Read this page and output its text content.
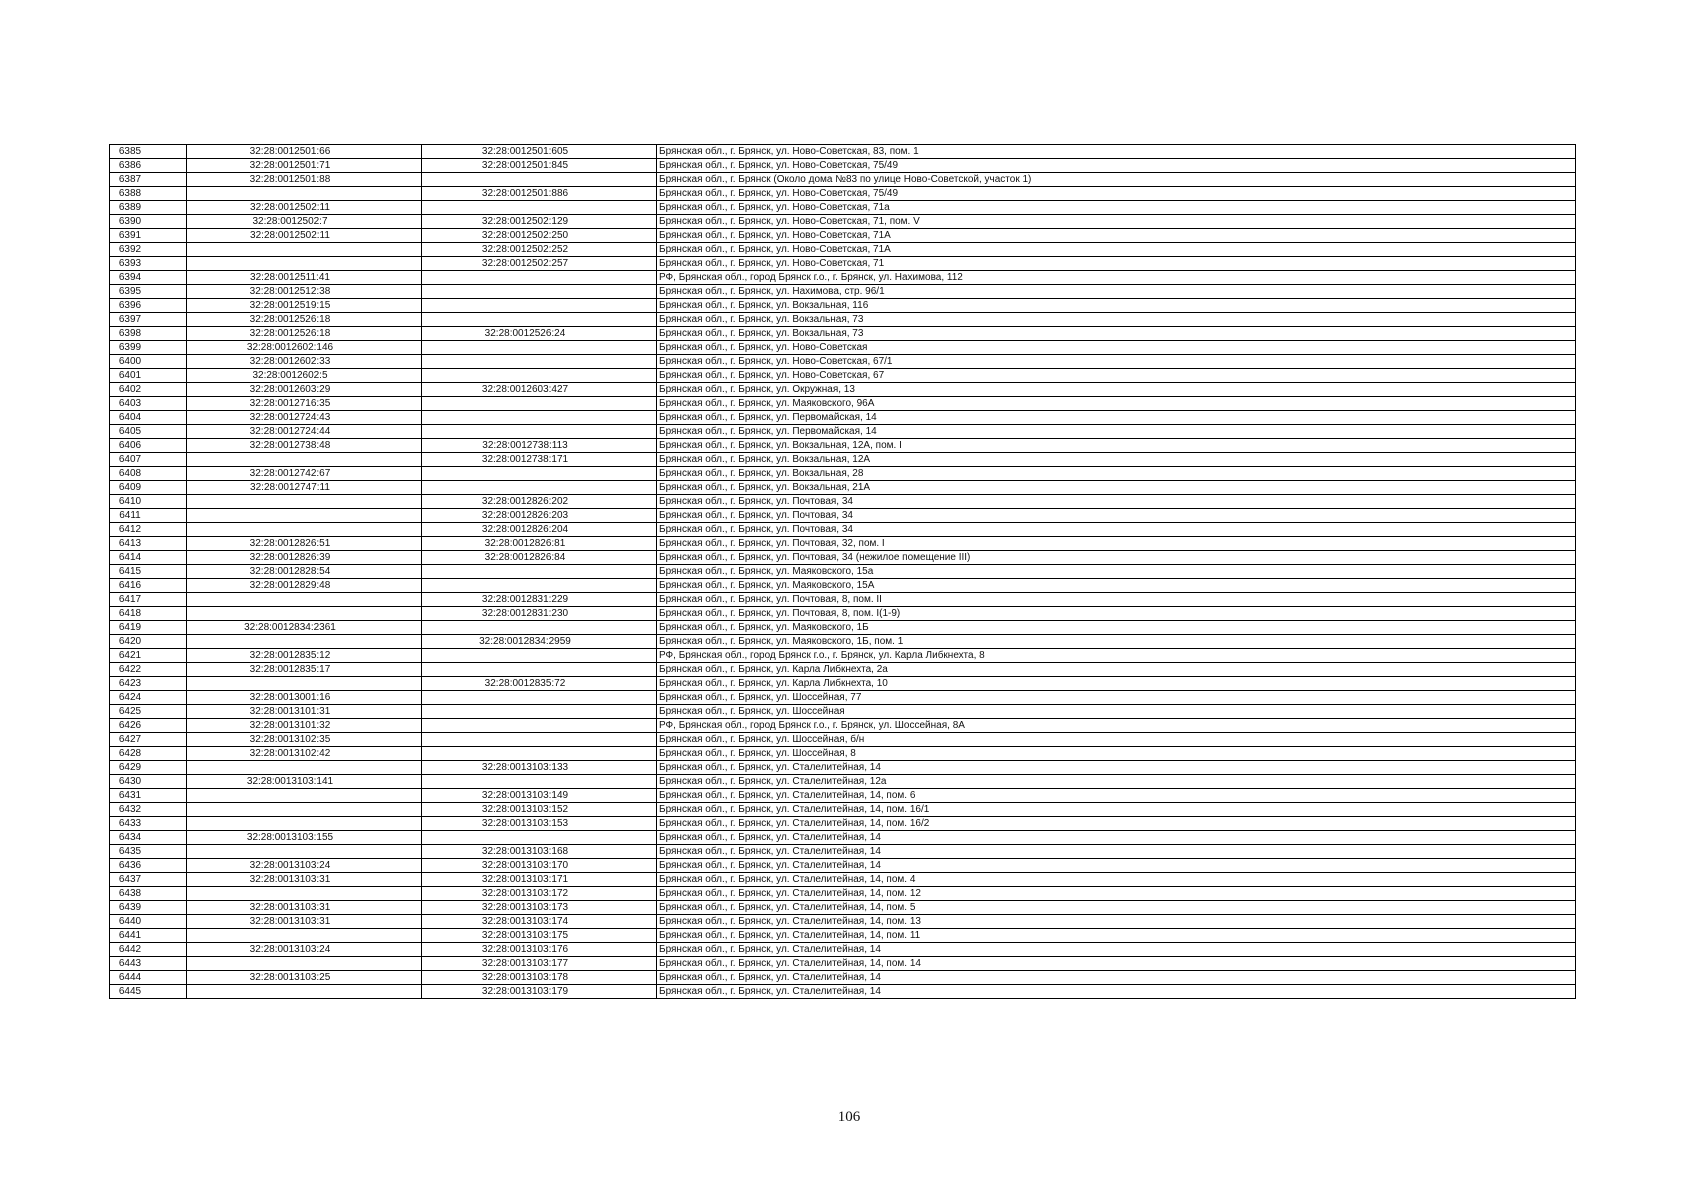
6385	32:28:0012501:66	32:28:0012501:605	Брянская обл., г. Брянск, ул. Ново-Советская, 83, пом. 1
6386	32:28:0012501:71	32:28:0012501:845	Брянская обл., г. Брянск, ул. Ново-Советская, 75/49
6387	32:28:0012501:88		Брянская обл., г. Брянск (Около дома №83 по улице Ново-Советской, участок 1)
6388		32:28:0012501:886	Брянская обл., г. Брянск, ул. Ново-Советская, 75/49
6389	32:28:0012502:11		Брянская обл., г. Брянск, ул. Ново-Советская, 71а
6390	32:28:0012502:7	32:28:0012502:129	Брянская обл., г. Брянск, ул. Ново-Советская, 71, пом. V
6391	32:28:0012502:11	32:28:0012502:250	Брянская обл., г. Брянск, ул. Ново-Советская, 71А
6392		32:28:0012502:252	Брянская обл., г. Брянск, ул. Ново-Советская, 71А
6393		32:28:0012502:257	Брянская обл., г. Брянск, ул. Ново-Советская, 71
6394	32:28:0012511:41		РФ, Брянская обл., город Брянск г.о., г. Брянск, ул. Нахимова, 112
6395	32:28:0012512:38		Брянская обл., г. Брянск, ул. Нахимова, стр. 96/1
6396	32:28:0012519:15		Брянская обл., г. Брянск, ул. Вокзальная, 116
6397	32:28:0012526:18		Брянская обл., г. Брянск, ул. Вокзальная, 73
6398	32:28:0012526:18	32:28:0012526:24	Брянская обл., г. Брянск, ул. Вокзальная, 73
6399	32:28:0012602:146		Брянская обл., г. Брянск, ул. Ново-Советская
6400	32:28:0012602:33		Брянская обл., г. Брянск, ул. Ново-Советская, 67/1
6401	32:28:0012602:5		Брянская обл., г. Брянск, ул. Ново-Советская, 67
6402	32:28:0012603:29	32:28:0012603:427	Брянская обл., г. Брянск, ул. Окружная, 13
6403	32:28:0012716:35		Брянская обл., г. Брянск, ул. Маяковского, 96А
6404	32:28:0012724:43		Брянская обл., г. Брянск, ул. Первомайская, 14
6405	32:28:0012724:44		Брянская обл., г. Брянск, ул. Первомайская, 14
6406	32:28:0012738:48	32:28:0012738:113	Брянская обл., г. Брянск, ул. Вокзальная, 12А, пом. I
6407		32:28:0012738:171	Брянская обл., г. Брянск, ул. Вокзальная, 12А
6408	32:28:0012742:67		Брянская обл., г. Брянск, ул. Вокзальная, 28
6409	32:28:0012747:11		Брянская обл., г. Брянск, ул. Вокзальная, 21А
6410		32:28:0012826:202	Брянская обл., г. Брянск, ул. Почтовая, 34
6411		32:28:0012826:203	Брянская обл., г. Брянск, ул. Почтовая, 34
6412		32:28:0012826:204	Брянская обл., г. Брянск, ул. Почтовая, 34
6413	32:28:0012826:51	32:28:0012826:81	Брянская обл., г. Брянск, ул. Почтовая, 32, пом. I
6414	32:28:0012826:39	32:28:0012826:84	Брянская обл., г. Брянск, ул. Почтовая, 34 (нежилое помещение III)
6415	32:28:0012828:54		Брянская обл., г. Брянск, ул. Маяковского, 15а
6416	32:28:0012829:48		Брянская обл., г. Брянск, ул. Маяковского, 15А
6417		32:28:0012831:229	Брянская обл., г. Брянск, ул. Почтовая, 8, пом. II
6418		32:28:0012831:230	Брянская обл., г. Брянск, ул. Почтовая, 8, пом. I(1-9)
6419	32:28:0012834:2361		Брянская обл., г. Брянск, ул. Маяковского, 1Б
6420		32:28:0012834:2959	Брянская обл., г. Брянск, ул. Маяковского, 1Б, пом. 1
6421	32:28:0012835:12		РФ, Брянская обл., город Брянск г.о., г. Брянск, ул. Карла Либкнехта, 8
6422	32:28:0012835:17		Брянская обл., г. Брянск, ул. Карла Либкнехта, 2а
6423		32:28:0012835:72	Брянская обл., г. Брянск, ул. Карла Либкнехта, 10
6424	32:28:0013001:16		Брянская обл., г. Брянск, ул. Шоссейная, 77
6425	32:28:0013101:31		Брянская обл., г. Брянск, ул. Шоссейная
6426	32:28:0013101:32		РФ, Брянская обл., город Брянск г.о., г. Брянск, ул. Шоссейная, 8А
6427	32:28:0013102:35		Брянская обл., г. Брянск, ул. Шоссейная, б/н
6428	32:28:0013102:42		Брянская обл., г. Брянск, ул. Шоссейная, 8
6429		32:28:0013103:133	Брянская обл., г. Брянск, ул. Сталелитейная, 14
6430	32:28:0013103:141		Брянская обл., г. Брянск, ул. Сталелитейная, 12а
6431		32:28:0013103:149	Брянская обл., г. Брянск, ул. Сталелитейная, 14, пом. 6
6432		32:28:0013103:152	Брянская обл., г. Брянск, ул. Сталелитейная, 14, пом. 16/1
6433		32:28:0013103:153	Брянская обл., г. Брянск, ул. Сталелитейная, 14, пом. 16/2
6434	32:28:0013103:155		Брянская обл., г. Брянск, ул. Сталелитейная, 14
6435		32:28:0013103:168	Брянская обл., г. Брянск, ул. Сталелитейная, 14
6436	32:28:0013103:24	32:28:0013103:170	Брянская обл., г. Брянск, ул. Сталелитейная, 14
6437	32:28:0013103:31	32:28:0013103:171	Брянская обл., г. Брянск, ул. Сталелитейная, 14, пом. 4
6438		32:28:0013103:172	Брянская обл., г. Брянск, ул. Сталелитейная, 14, пом. 12
6439	32:28:0013103:31	32:28:0013103:173	Брянская обл., г. Брянск, ул. Сталелитейная, 14, пом. 5
6440	32:28:0013103:31	32:28:0013103:174	Брянская обл., г. Брянск, ул. Сталелитейная, 14, пом. 13
6441		32:28:0013103:175	Брянская обл., г. Брянск, ул. Сталелитейная, 14, пом. 11
6442	32:28:0013103:24	32:28:0013103:176	Брянская обл., г. Брянск, ул. Сталелитейная, 14
6443		32:28:0013103:177	Брянская обл., г. Брянск, ул. Сталелитейная, 14, пом. 14
6444	32:28:0013103:25	32:28:0013103:178	Брянская обл., г. Брянск, ул. Сталелитейная, 14
6445		32:28:0013103:179	Брянская обл., г. Брянск, ул. Сталелитейная, 14
106
